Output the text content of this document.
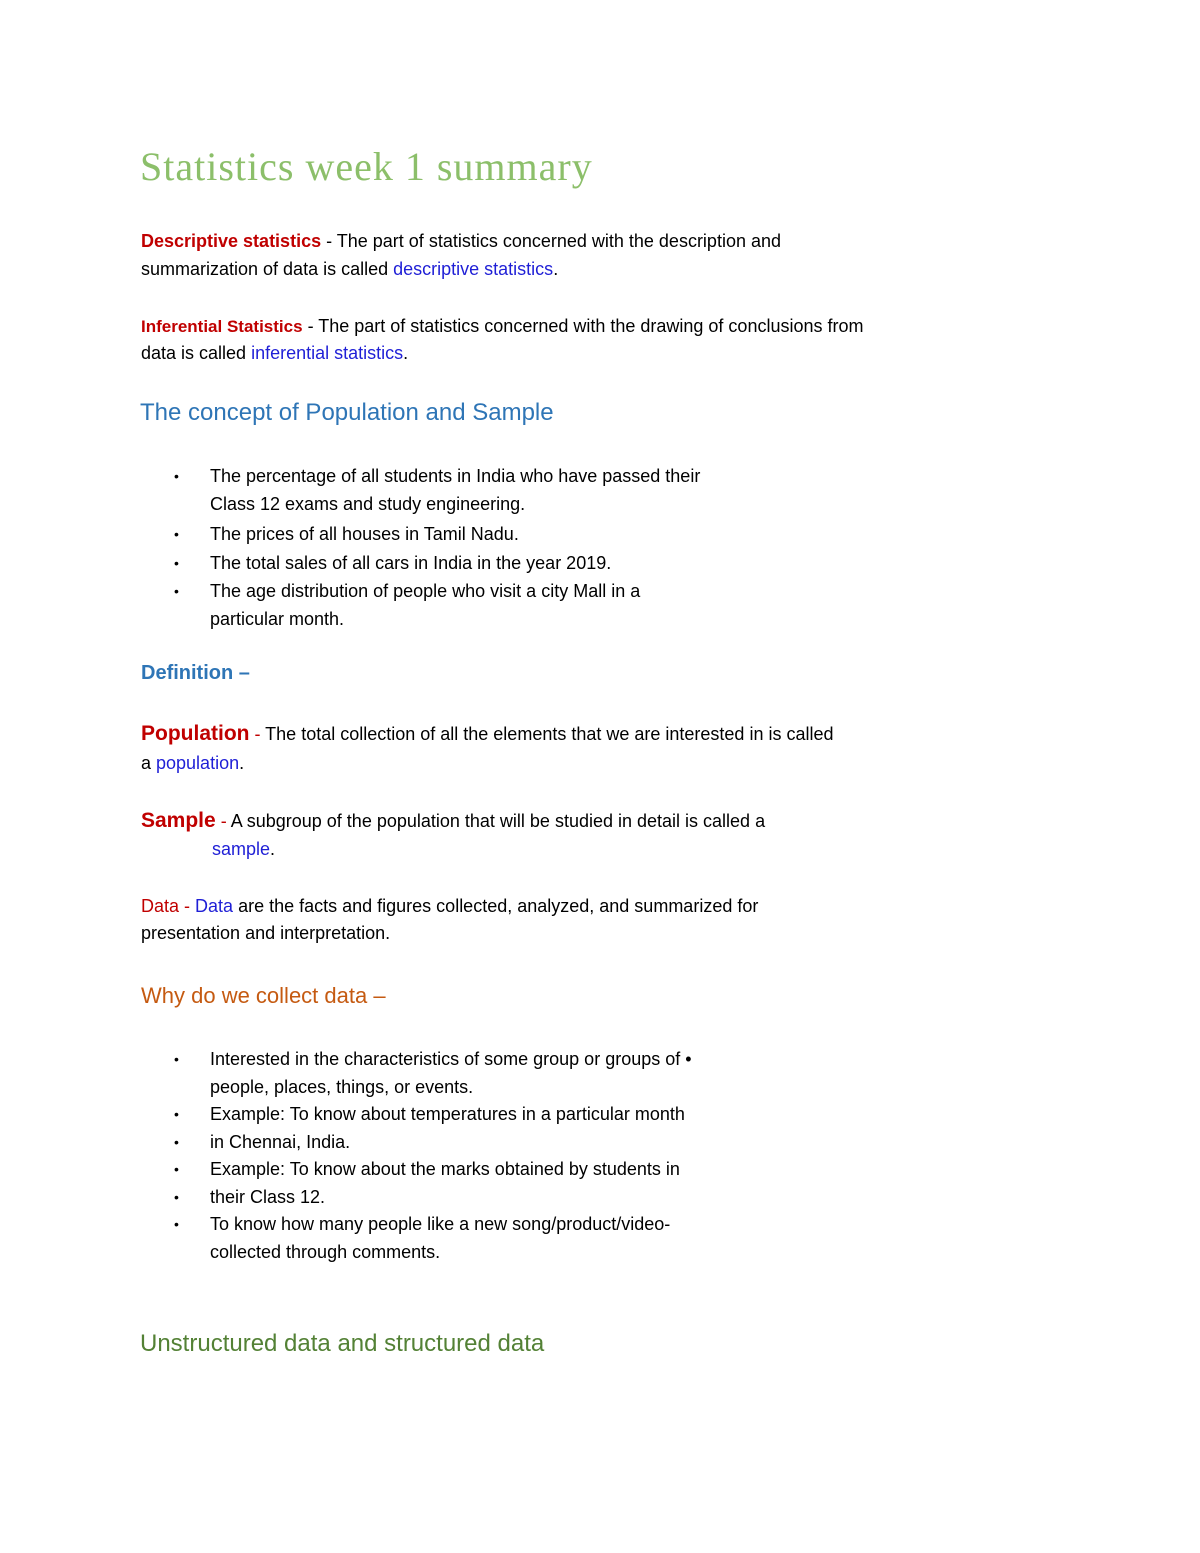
Statistics week 1 summary
Descriptive statistics - The part of statistics concerned with the description and
summarization of data is called descriptive statistics.
Inferential Statistics - The part of statistics concerned with the drawing of conclusions from
data is called inferential statistics.
The concept of Population and Sample
• The percentage of all students in India who have passed their
Class 12 exams and study engineering.
• The prices of all houses in Tamil Nadu.
• The total sales of all cars in India in the year 2019.
• The age distribution of people who visit a city Mall in a
particular month.
Definition –
Population - The total collection of all the elements that we are interested in is called
a population.
Sample - A subgroup of the population that will be studied in detail is called a
sample.
Data - Data are the facts and figures collected, analyzed, and summarized for
presentation and interpretation.
Why do we collect data –
• Interested in the characteristics of some group or groups of •
people, places, things, or events.
• Example: To know about temperatures in a particular month
• in Chennai, India.
• Example: To know about the marks obtained by students in
• their Class 12.
• To know how many people like a new song/product/video-
collected through comments.
Unstructured data and structured data
